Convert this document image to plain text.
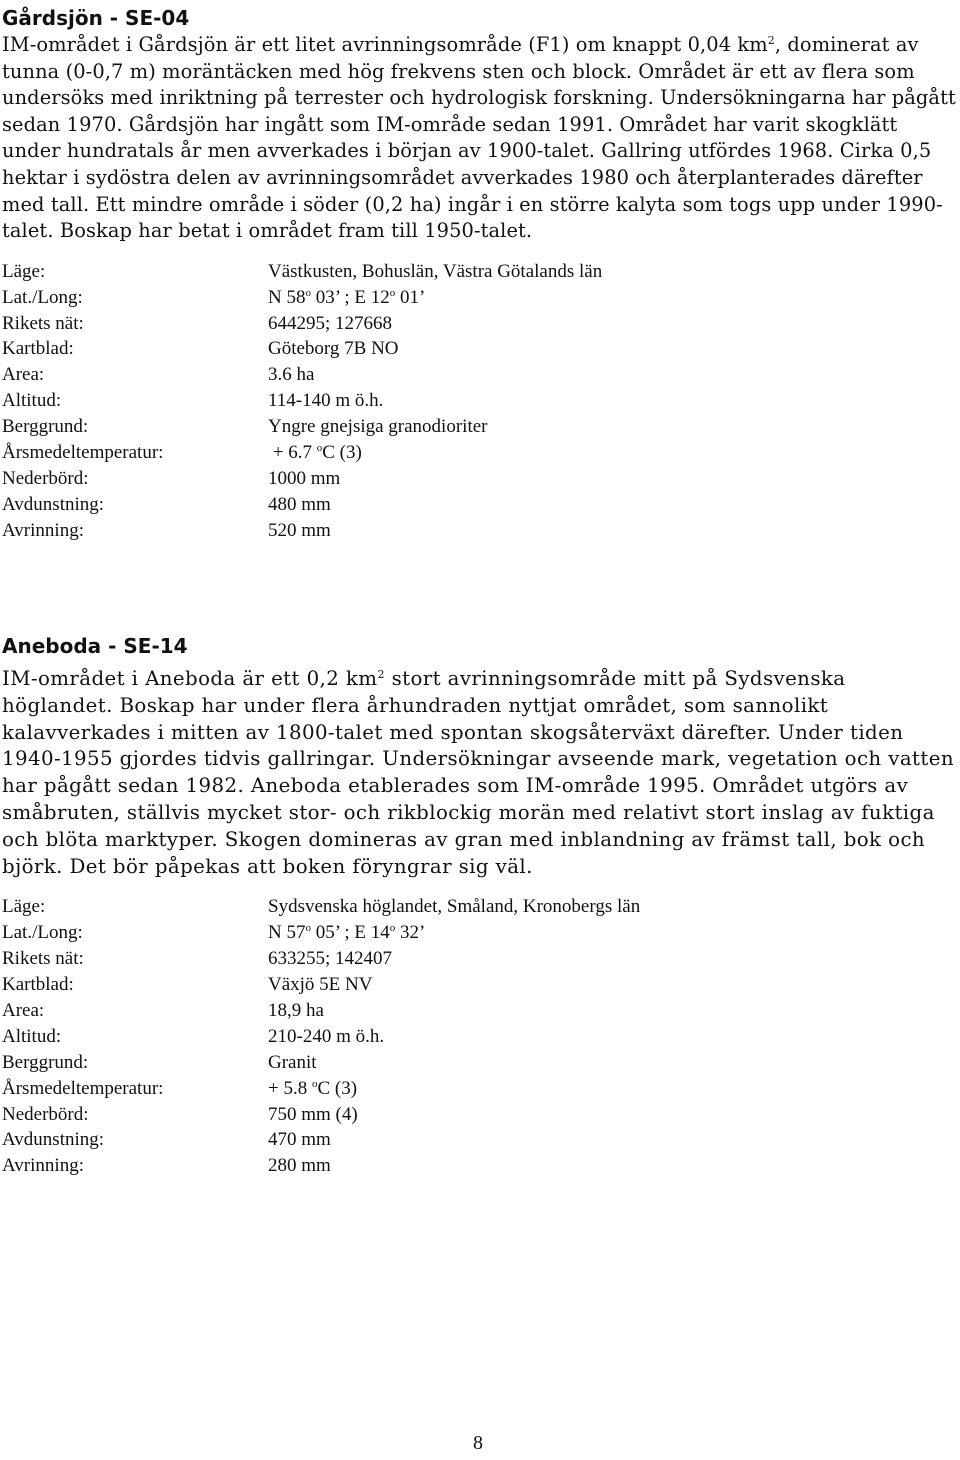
Gårdsjön - SE-04

IM-området i Gårdsjön är ett litet avrinningsområde (F1) om knappt 0,04 $km^2$, dominerat av tunna (0-0,7 m) moräntäcken med hög frekvens sten och block. Området är ett av flera som undersöks med inriktning på terrester och hydrologisk forskning. Undersökningarna har pågått sedan 1970. Gårdsjön har ingått som IM-område sedan 1991. Området har varit skogklätt under hundratals år men avverkades i början av 1900-talet. Gallring utfördes 1968. Cirka 0,5 hektar i sydöstra delen av avrinningsområdet avverkades 1980 och återplanterades därefter med tall. Ett mindre område i söder (0,2 ha) ingår i en större kalyta som togs upp under 1990-talet. Boskap har betat i området fram till 1950-talet.

Läge:	Västkusten, Bohuslän, Västra Götalands län
Lat./Long:	N 58$^o$ 03’ ; E 12$^o$ 01’
Rikets nät:	644295; 127668
Kartblad:	Göteborg 7B NO
Area:	3.6 ha
Altitud:	114-140 m ö.h.
Berggrund:	Yngre gnejsiga granodioriter
Årsmedeltemperatur:	+ 6.7 $^o$C (3)
Nederbörd:	1000 mm
Avdunstning:	480 mm
Avrinning:	520 mm
Aneboda - SE-14

IM-området i Aneboda är ett 0,2 $km^2$ stort avrinningsområde mitt på Sydsvenska höglandet. Boskap har under flera århundraden nyttjat området, som sannolikt kalavverkades i mitten av 1800-talet med spontan skogsåterväxt därefter. Under tiden 1940-1955 gjordes tidvis gallringar. Undersökningar avseende mark, vegetation och vatten har pågått sedan 1982. Aneboda etablerades som IM-område 1995. Området utgörs av småbruten, ställvis mycket stor- och rikblockig morän med relativt stort inslag av fuktiga och blöta marktyper. Skogen domineras av gran med inblandning av främst tall, bok och björk. Det bör påpekas att boken föryngrar sig väl.

Läge:	Sydsvenska höglandet, Småland, Kronobergs län
Lat./Long:	N 57$^o$ 05’ ; E 14$^o$ 32’
Rikets nät:	633255; 142407
Kartblad:	Växjö 5E NV
Area:	18,9 ha
Altitud:	210-240 m ö.h.
Berggrund:	Granit
Årsmedeltemperatur:	+ 5.8 $^o$C (3)
Nederbörd:	750 mm (4)
Avdunstning:	470 mm
Avrinning:	280 mm
8
